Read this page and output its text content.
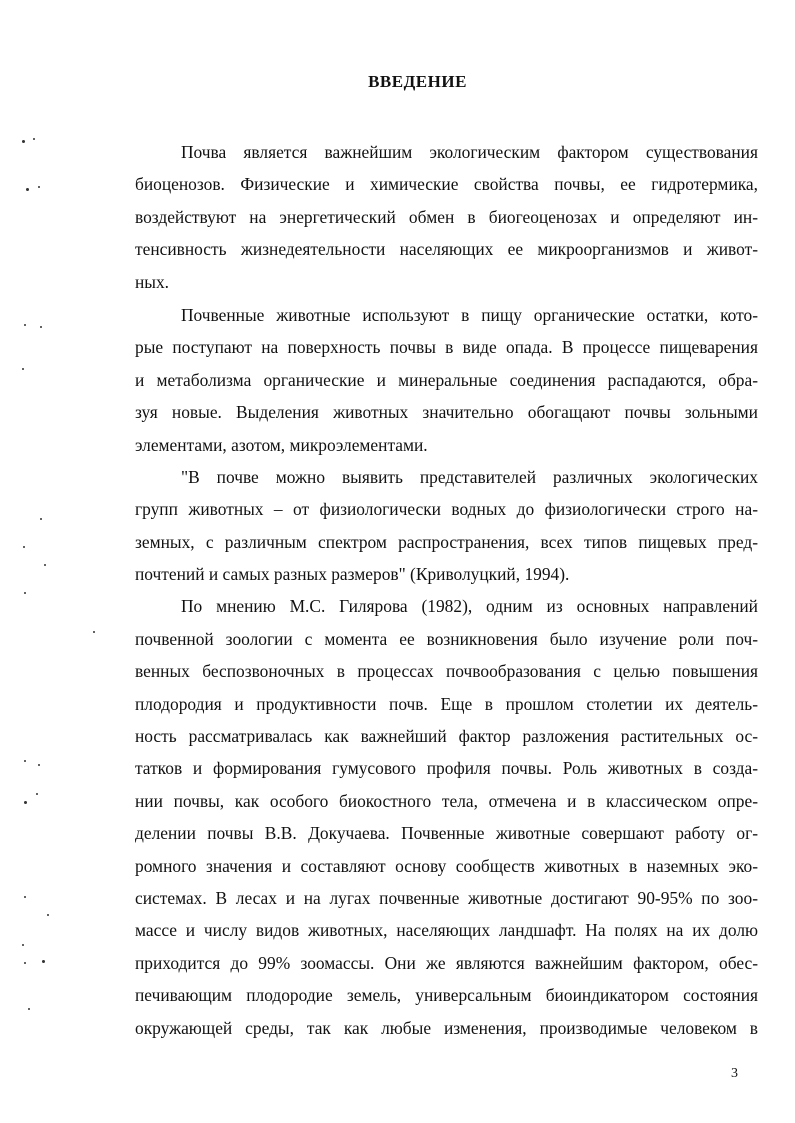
ВВЕДЕНИЕ
Почва является важнейшим экологическим фактором существования
биоценозов. Физические и химические свойства почвы, ее гидротермика,
воздействуют на энергетический обмен в биогеоценозах и определяют ин-
тенсивность жизнедеятельности населяющих ее микроорганизмов и живот-
ных.
Почвенные животные используют в пищу органические остатки, кото-
рые поступают на поверхность почвы в виде опада. В процессе пищеварения
и метаболизма органические и минеральные соединения распадаются, обра-
зуя новые. Выделения животных значительно обогащают почвы зольными
элементами, азотом, микроэлементами.
"В почве можно выявить представителей различных экологических
групп животных – от физиологически водных до физиологически строго на-
земных, с различным спектром распространения, всех типов пищевых пред-
почтений и самых разных размеров" (Криволуцкий, 1994).
По мнению М.С. Гилярова (1982), одним из основных направлений
почвенной зоологии с момента ее возникновения было изучение роли поч-
венных беспозвоночных в процессах почвообразования с целью повышения
плодородия и продуктивности почв. Еще в прошлом столетии их деятель-
ность рассматривалась как важнейший фактор разложения растительных ос-
татков и формирования гумусового профиля почвы. Роль животных в созда-
нии почвы, как особого биокостного тела, отмечена и в классическом опре-
делении почвы В.В. Докучаева. Почвенные животные совершают работу ог-
ромного значения и составляют основу сообществ животных в наземных эко-
системах. В лесах и на лугах почвенные животные достигают 90-95% по зоо-
массе и числу видов животных, населяющих ландшафт. На полях на их долю
приходится до 99% зоомассы. Они же являются важнейшим фактором, обес-
печивающим плодородие земель, универсальным биоиндикатором состояния
окружающей среды, так как любые изменения, производимые человеком в
3
